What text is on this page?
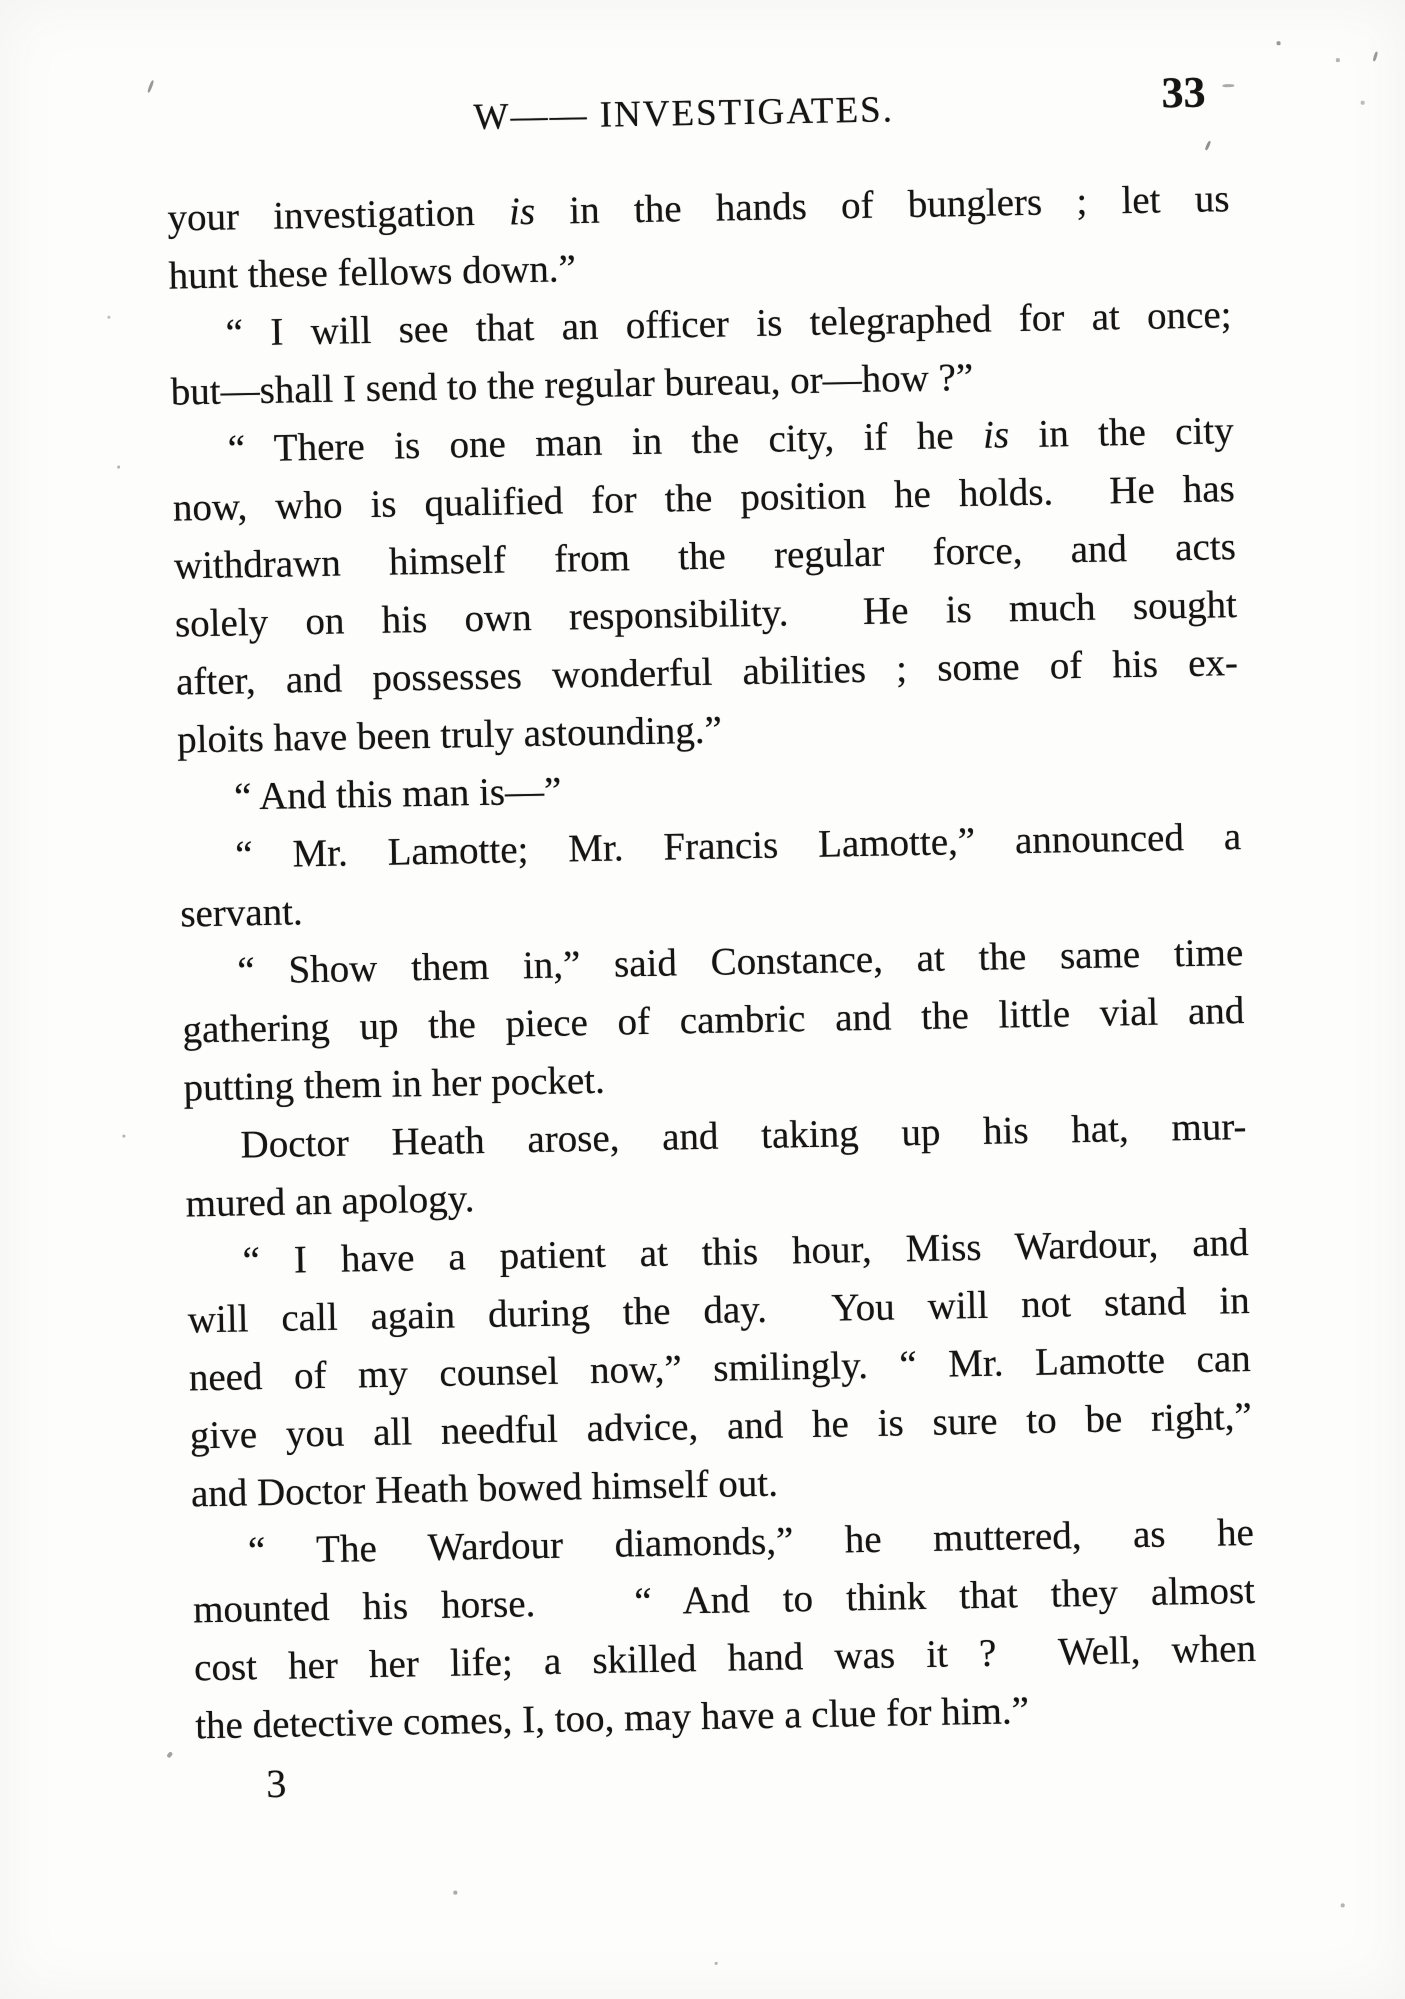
W—— INVESTIGATES.	33
your investigation is in the hands of bunglers ; let us
hunt these fellows down.”
“ I will see that an officer is telegraphed for at once;
but—shall I send to the regular bureau, or—how ?”
“ There is one man in the city, if he is in the city
now, who is qualified for the position he holds.  He has
withdrawn himself from the regular force, and acts
solely on his own responsibility.  He is much sought
after, and possesses wonderful abilities ; some of his ex-
ploits have been truly astounding.”
“ And this man is—”
“ Mr. Lamotte; Mr. Francis Lamotte,” announced a
servant.
“ Show them in,” said Constance, at the same time
gathering up the piece of cambric and the little vial and
putting them in her pocket.
Doctor Heath arose, and taking up his hat, mur-
mured an apology.
“ I have a patient at this hour, Miss Wardour, and
will call again during the day.  You will not stand in
need of my counsel now,” smilingly. “ Mr. Lamotte can
give you all needful advice, and he is sure to be right,”
and Doctor Heath bowed himself out.
“ The Wardour diamonds,” he muttered, as he
mounted his horse.   “ And to think that they almost
cost her her life; a skilled hand was it ?  Well, when
the detective comes, I, too, may have a clue for him.”
3
